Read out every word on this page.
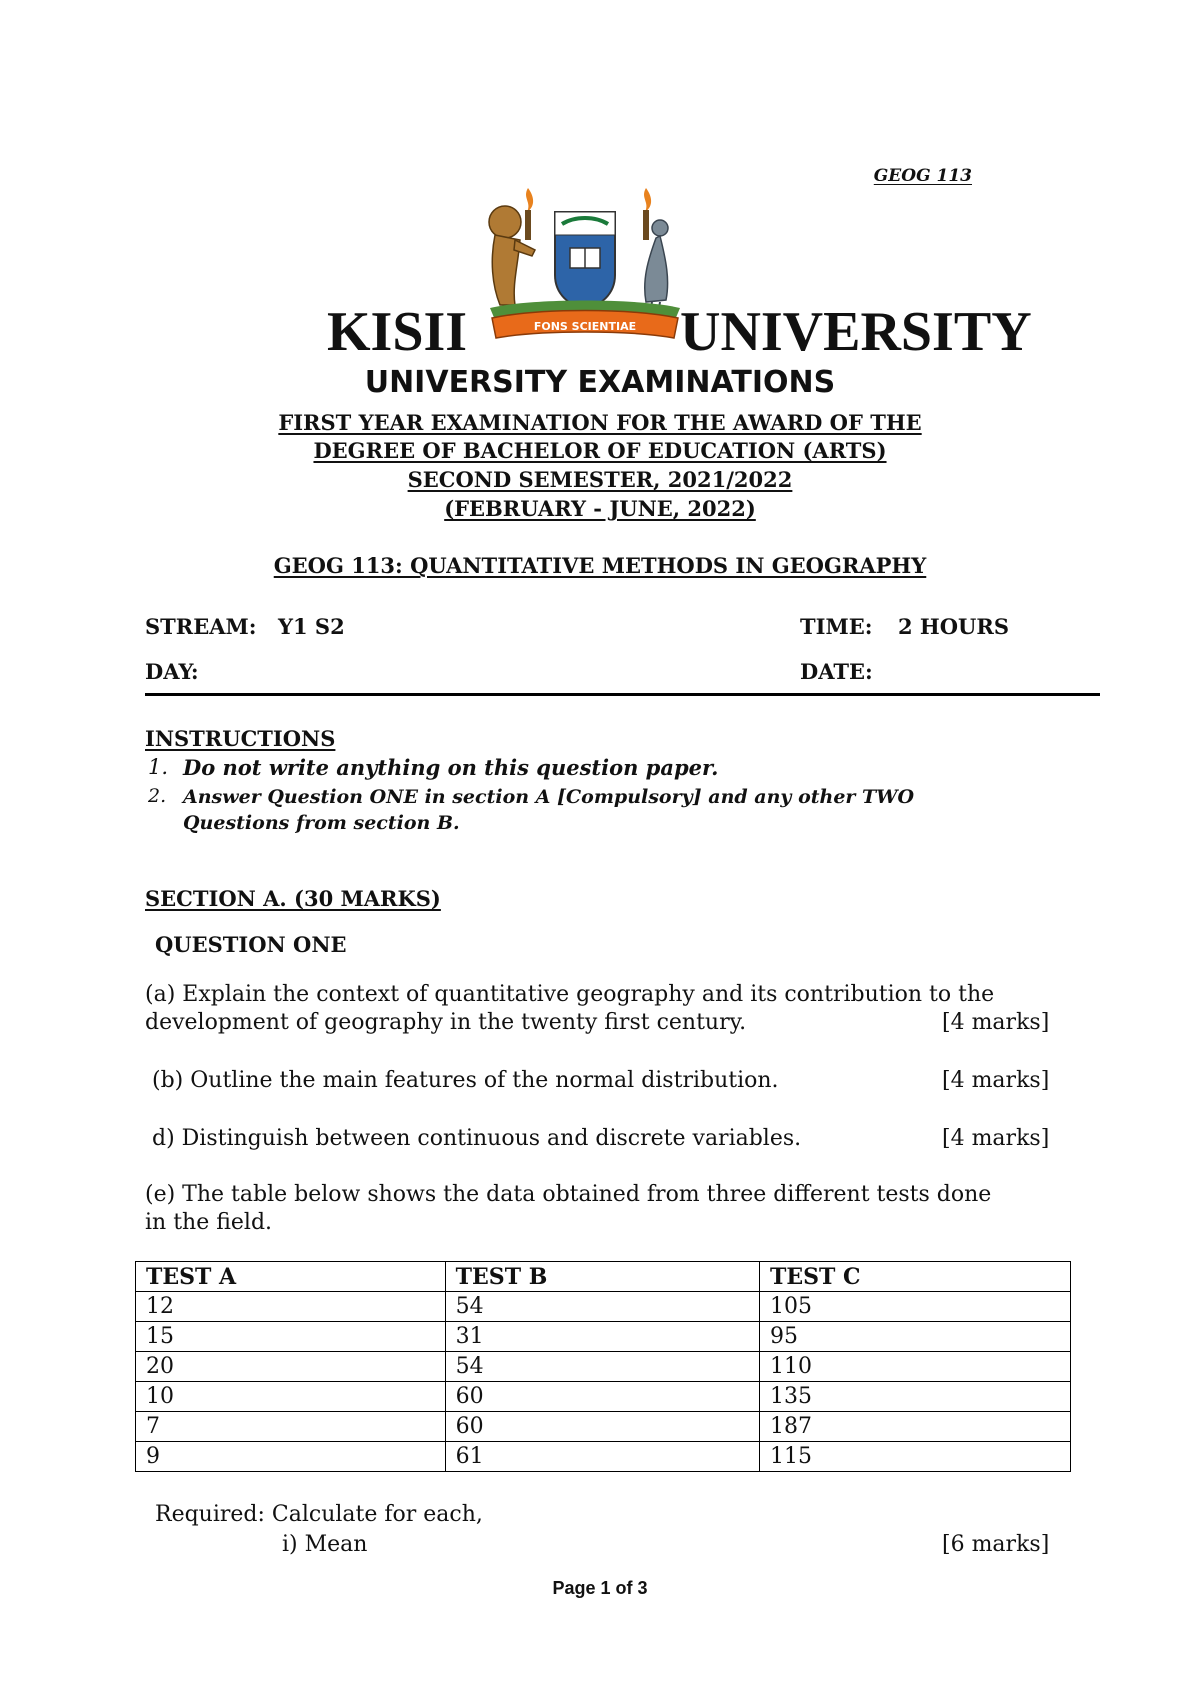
GEOG 113
FONS SCIENTIAE
KISII	UNIVERSITY
UNIVERSITY EXAMINATIONS
FIRST YEAR EXAMINATION FOR THE AWARD OF THE
DEGREE OF BACHELOR OF EDUCATION (ARTS)
SECOND SEMESTER, 2021/2022
(FEBRUARY - JUNE, 2022)
GEOG 113: QUANTITATIVE METHODS IN GEOGRAPHY
STREAM: Y1 S2	TIME: 2 HOURS
DAY:	DATE:
INSTRUCTIONS
1. Do not write anything on this question paper.
2. Answer Question ONE in section A [Compulsory] and any other TWO
Questions from section B.
SECTION A. (30 MARKS)
QUESTION ONE
(a) Explain the context of quantitative geography and its contribution to the
development of geography in the twenty first century.	[4 marks]
(b) Outline the main features of the normal distribution.	[4 marks]
d) Distinguish between continuous and discrete variables.	[4 marks]
(e) The table below shows the data obtained from three different tests done
in the field.
TEST A	TEST B	TEST C
12	54	105
15	31	95
20	54	110
10	60	135
7	60	187
9	61	115
Required: Calculate for each,
i) Mean	[6 marks]
Page 1 of 3
